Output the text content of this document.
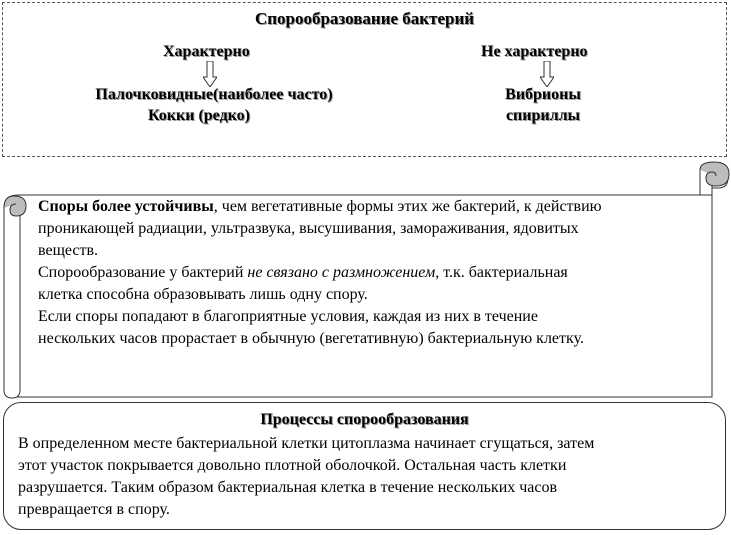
Спорообразование бактерий
Характерно	Не характерно
Палочковидные(наиболее часто)
Кокки (редко)
Вибрионы
спириллы

Споры более устойчивы, чем вегетативные формы этих же бактерий, к действию

проникающей радиации, ультразвука, высушивания, замораживания, ядовитых

веществ.

Спорообразование у бактерий не связано с размножением, т.к. бактериальная

клетка способна образовывать лишь одну спору.

Если споры попадают в благоприятные условия, каждая из них в течение

нескольких часов прорастает в обычную (вегетативную) бактериальную клетку.

Процессы спорообразования
В определенном месте бактериальной клетки цитоплазма начинает сгущаться, затем
этот участок покрывается довольно плотной оболочкой. Остальная часть клетки
разрушается. Таким образом бактериальная клетка в течение нескольких часов
превращается в спору.
